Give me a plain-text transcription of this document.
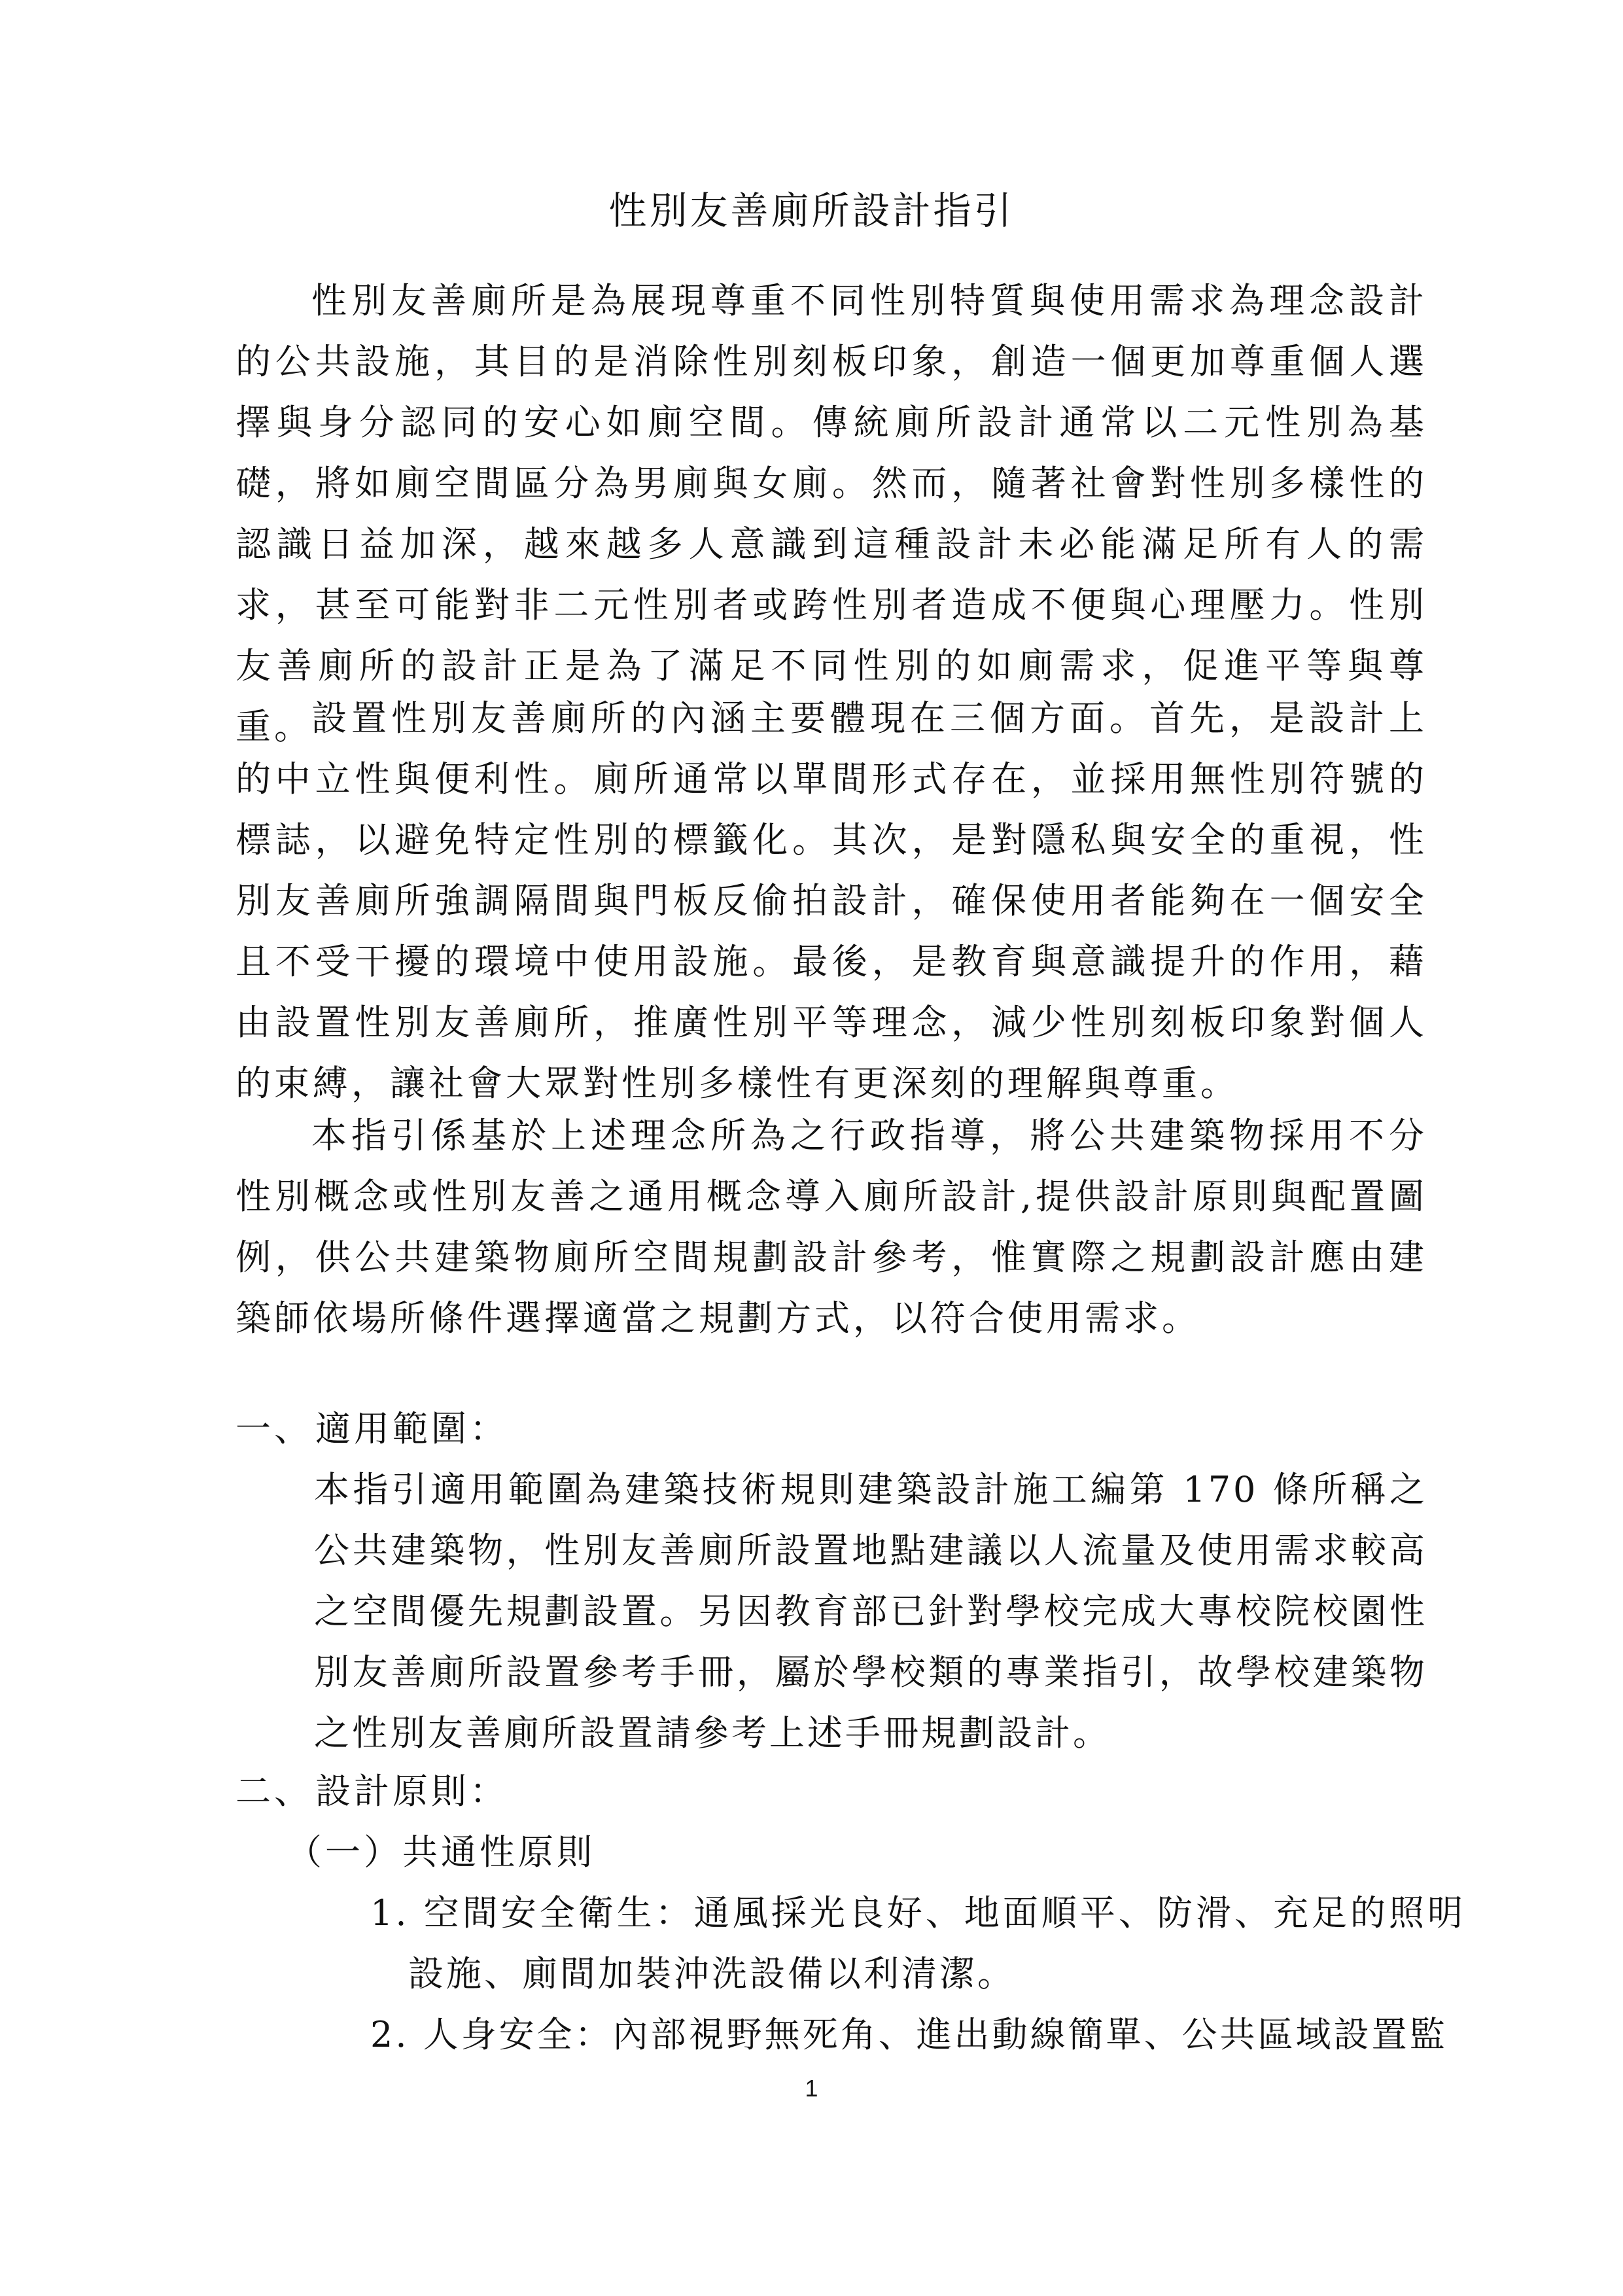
性別友善廁所設計指引

性別友善廁所是為展現尊重不同性別特質與使用需求為理念設計的公共設施，其目的是消除性別刻板印象，創造一個更加尊重個人選擇與身分認同的安心如廁空間。傳統廁所設計通常以二元性別為基礎，將如廁空間區分為男廁與女廁。然而，隨著社會對性別多樣性的認識日益加深，越來越多人意識到這種設計未必能滿足所有人的需求，甚至可能對非二元性別者或跨性別者造成不便與心理壓力。性別友善廁所的設計正是為了滿足不同性別的如廁需求，促進平等與尊重。

設置性別友善廁所的內涵主要體現在三個方面。首先，是設計上的中立性與便利性。廁所通常以單間形式存在，並採用無性別符號的標誌，以避免特定性別的標籤化。其次，是對隱私與安全的重視，性別友善廁所強調隔間與門板反偷拍設計，確保使用者能夠在一個安全且不受干擾的環境中使用設施。最後，是教育與意識提升的作用，藉由設置性別友善廁所，推廣性別平等理念，減少性別刻板印象對個人的束縛，讓社會大眾對性別多樣性有更深刻的理解與尊重。

本指引係基於上述理念所為之行政指導，將公共建築物採用不分性別概念或性別友善之通用概念導入廁所設計,提供設計原則與配置圖例，供公共建築物廁所空間規劃設計參考，惟實際之規劃設計應由建築師依場所條件選擇適當之規劃方式，以符合使用需求。

一、適用範圍：

本指引適用範圍為建築技術規則建築設計施工編第 170 條所稱之公共建築物，性別友善廁所設置地點建議以人流量及使用需求較高之空間優先規劃設置。另因教育部已針對學校完成大專校院校園性別友善廁所設置參考手冊，屬於學校類的專業指引，故學校建築物之性別友善廁所設置請參考上述手冊規劃設計。

二、設計原則：
（一）共通性原則

1. 空間安全衛生：通風採光良好、地面順平、防滑、充足的照明設施、廁間加裝沖洗設備以利清潔。

2. 人身安全：內部視野無死角、進出動線簡單、公共區域設置監

1
